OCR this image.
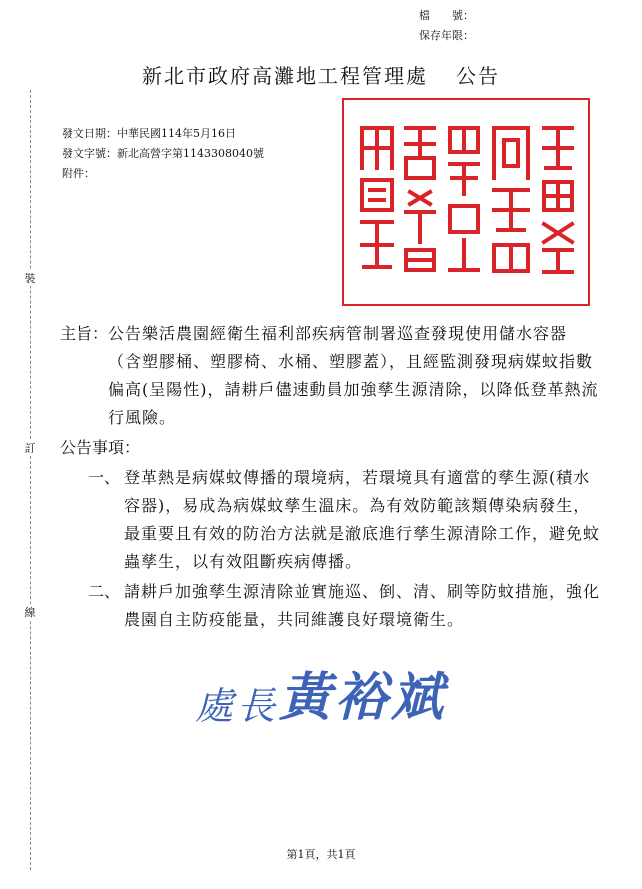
檔　　號：
保存年限：
新北市政府高灘地工程管理處 公告
發文日期：中華民國114年5月16日
發文字號：新北高營字第1143308040號
附件：
裝
訂
線
主旨： 公告樂活農園經衛生福利部疾病管制署巡查發現使用儲水容器（含塑膠桶、塑膠椅、水桶、塑膠蓋），且經監測發現病媒蚊指數偏高(呈陽性)，請耕戶儘速動員加強孳生源清除，以降低登革熱流行風險。
公告事項：
一、 登革熱是病媒蚊傳播的環境病，若環境具有適當的孳生源(積水容器)，易成為病媒蚊孳生溫床。為有效防範該類傳染病發生，最重要且有效的防治方法就是澈底進行孳生源清除工作，避免蚊蟲孳生，以有效阻斷疾病傳播。
二、 請耕戶加強孳生源清除並實施巡、倒、清、刷等防蚊措施，強化農園自主防疫能量，共同維護良好環境衛生。
處長黃裕斌
第1頁，共1頁
